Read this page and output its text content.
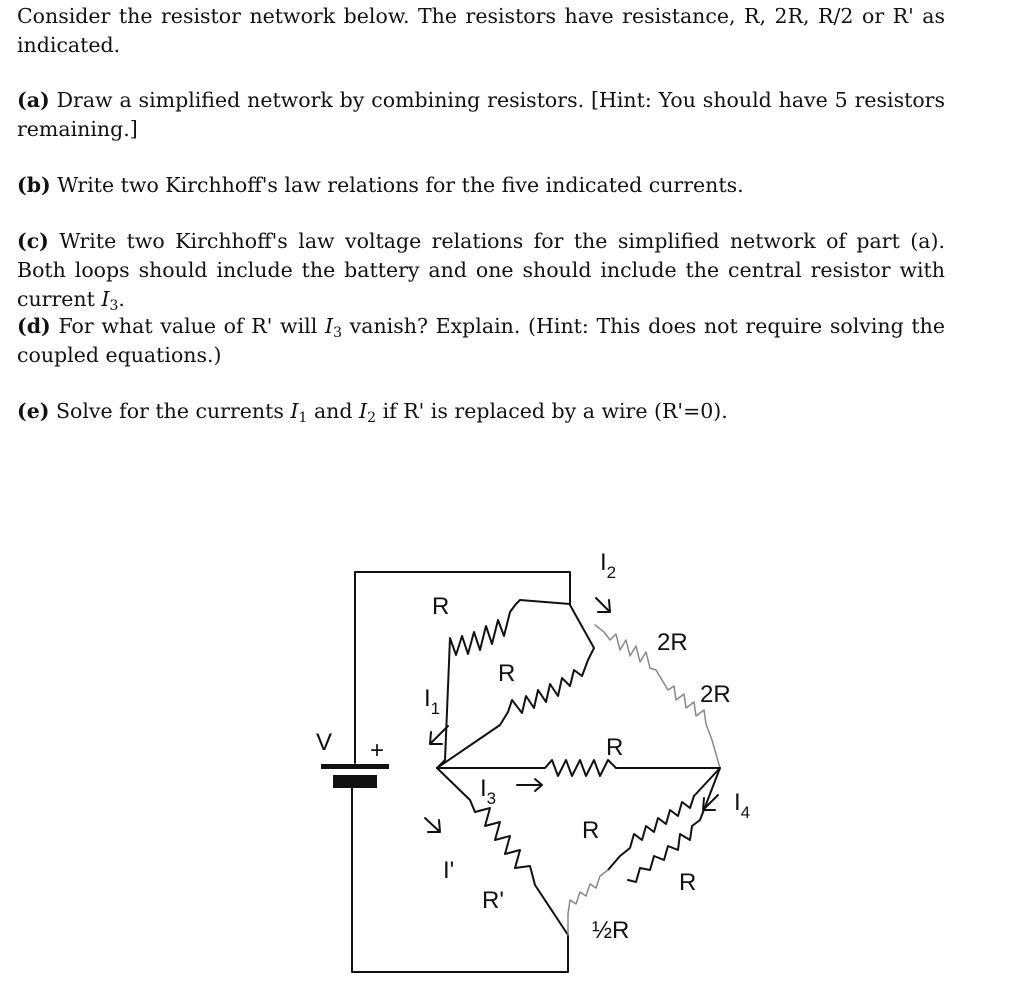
Consider the resistor network below. The resistors have resistance, R, 2R, R/2 or R' as indicated.
(a) Draw a simplified network by combining resistors. [Hint: You should have 5 resistors remaining.]
(b) Write two Kirchhoff's law relations for the five indicated currents.
(c) Write two Kirchhoff's law voltage relations for the simplified network of part (a). Both loops should include the battery and one should include the central resistor with current $I_3$.
(d) For what value of R' will $I_3$ vanish? Explain. (Hint: This does not require solving the coupled equations.)
(e) Solve for the currents $I_1$ and $I_2$ if R' is replaced by a wire (R'=0).
V +
R
R
2R
2R
R
R'
R
R
½R
$I_1$
$I_2$
$I_3$	$I_4$
I'
